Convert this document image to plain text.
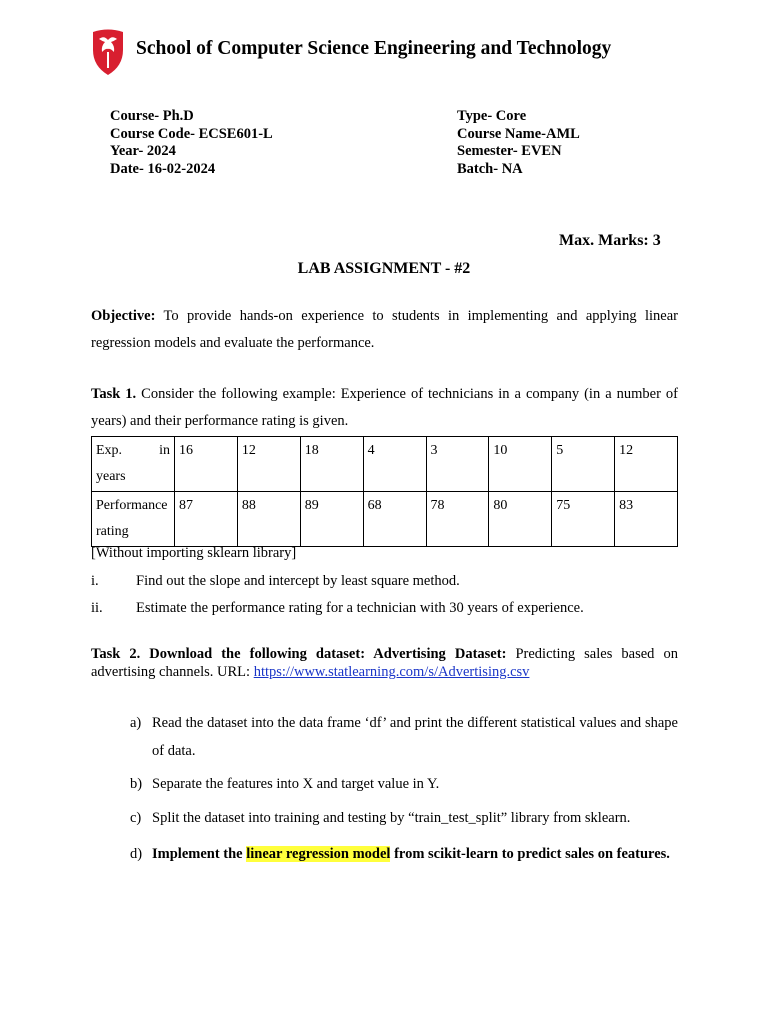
School of Computer Science Engineering and Technology
Course- Ph.D
Course Code- ECSE601-L
Year- 2024
Date- 16-02-2024
Type- Core
Course Name-AML
Semester- EVEN
Batch- NA
Max. Marks: 3
LAB ASSIGNMENT - #2
Objective: To provide hands-on experience to students in implementing and applying linear regression models and evaluate the performance.
Task 1. Consider the following example: Experience of technicians in a company (in a number of years) and their performance rating is given.
Exp. in
years	16	12	18	4	3	10	5	12

Performance
rating	87	88	89	68	78	80	75	83
[Without importing sklearn library]
i.	Find out the slope and intercept by least square method.
ii. Estimate the performance rating for a technician with 30 years of experience.
Task 2. Download the following dataset: Advertising Dataset: Predicting sales based on advertising channels. URL: https://www.statlearning.com/s/Advertising.csv
a) Read the dataset into the data frame ‘df’ and print the different statistical values and shape of data.
b) Separate the features into X and target value in Y.
c) Split the dataset into training and testing by “train_test_split” library from sklearn.
d) Implement the linear regression model from scikit-learn to predict sales on features.
